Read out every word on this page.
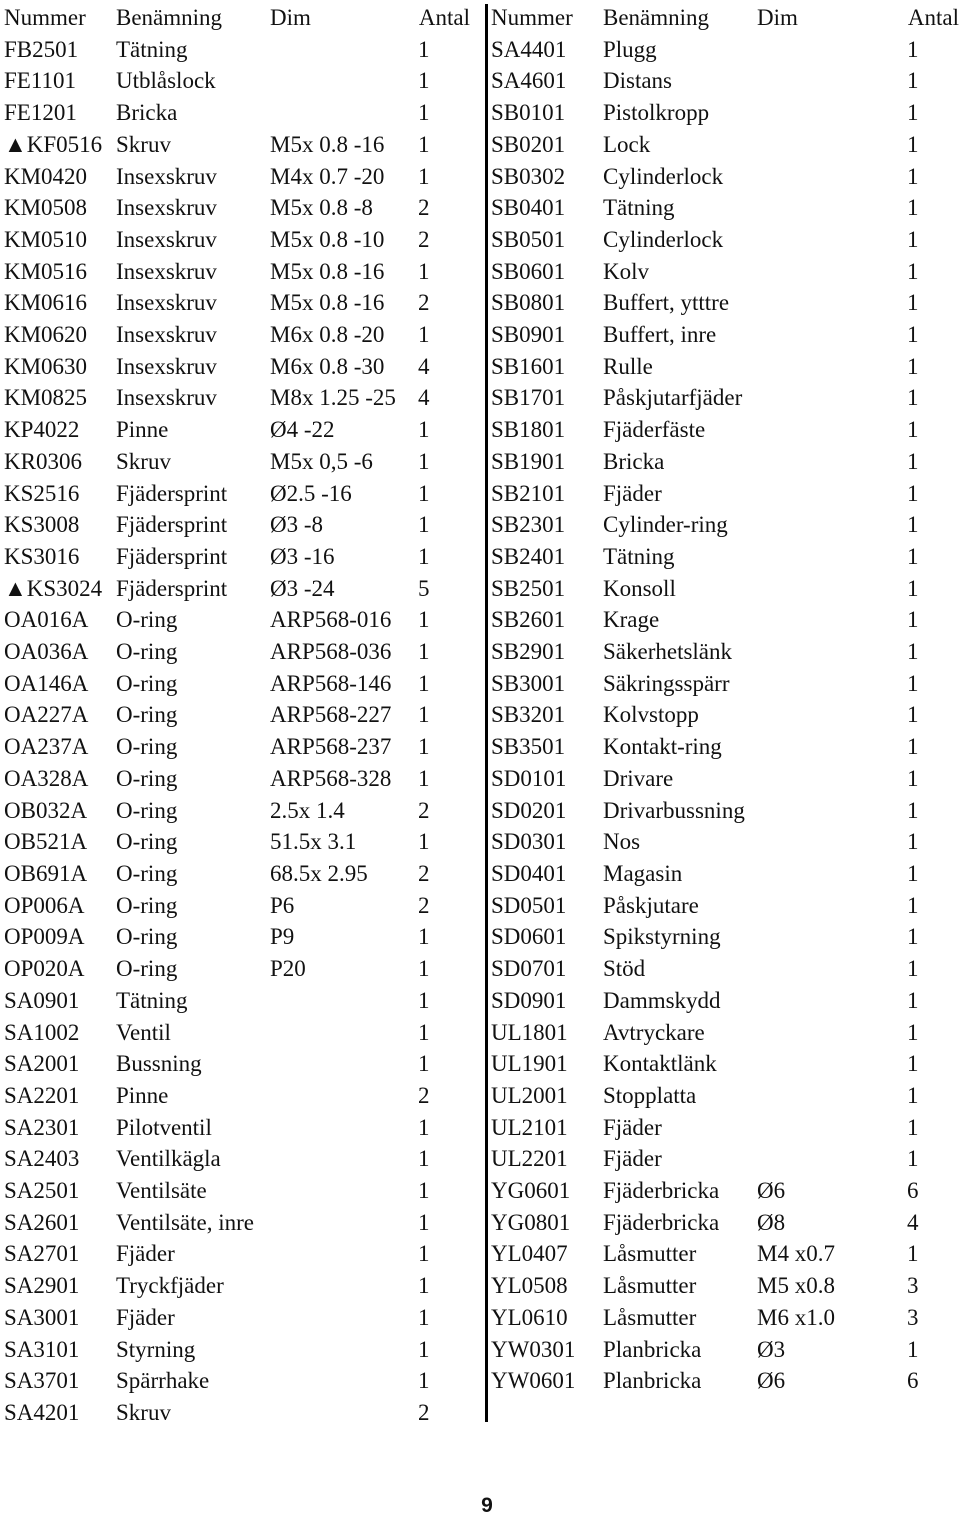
Nummer	Benämning	Dim	Antal
FB2501	Tätning		1
FE1101	Utblåslock		1
FE1201	Bricka		1
▲KF0516	Skruv	M5x 0.8 -16	1
KM0420	Insexskruv	M4x 0.7 -20	1
KM0508	Insexskruv	M5x 0.8 -8	2
KM0510	Insexskruv	M5x 0.8 -10	2
KM0516	Insexskruv	M5x 0.8 -16	1
KM0616	Insexskruv	M5x 0.8 -16	2
KM0620	Insexskruv	M6x 0.8 -20	1
KM0630	Insexskruv	M6x 0.8 -30	4
KM0825	Insexskruv	M8x 1.25 -25	4
KP4022	Pinne	Ø4 -22	1
KR0306	Skruv	M5x 0,5 -6	1
KS2516	Fjädersprint	Ø2.5 -16	1
KS3008	Fjädersprint	Ø3 -8	1
KS3016	Fjädersprint	Ø3 -16	1
▲KS3024	Fjädersprint	Ø3 -24	5
OA016A	O-ring	ARP568-016	1
OA036A	O-ring	ARP568-036	1
OA146A	O-ring	ARP568-146	1
OA227A	O-ring	ARP568-227	1
OA237A	O-ring	ARP568-237	1
OA328A	O-ring	ARP568-328	1
OB032A	O-ring	2.5x 1.4	2
OB521A	O-ring	51.5x 3.1	1
OB691A	O-ring	68.5x 2.95	2
OP006A	O-ring	P6	2
OP009A	O-ring	P9	1
OP020A	O-ring	P20	1
SA0901	Tätning		1
SA1002	Ventil		1
SA2001	Bussning		1
SA2201	Pinne		2
SA2301	Pilotventil		1
SA2403	Ventilkägla		1
SA2501	Ventilsäte		1
SA2601	Ventilsäte, inre		1
SA2701	Fjäder		1
SA2901	Tryckfjäder		1
SA3001	Fjäder		1
SA3101	Styrning		1
SA3701	Spärrhake		1
SA4201	Skruv		2
Nummer	Benämning	Dim	Antal
SA4401	Plugg		1
SA4601	Distans		1
SB0101	Pistolkropp		1
SB0201	Lock		1
SB0302	Cylinderlock		1
SB0401	Tätning		1
SB0501	Cylinderlock		1
SB0601	Kolv		1
SB0801	Buffert, ytttre		1
SB0901	Buffert, inre		1
SB1601	Rulle		1
SB1701	Påskjutarfjäder		1
SB1801	Fjäderfäste		1
SB1901	Bricka		1
SB2101	Fjäder		1
SB2301	Cylinder-ring		1
SB2401	Tätning		1
SB2501	Konsoll		1
SB2601	Krage		1
SB2901	Säkerhetslänk		1
SB3001	Säkringsspärr		1
SB3201	Kolvstopp		1
SB3501	Kontakt-ring		1
SD0101	Drivare		1
SD0201	Drivarbussning		1
SD0301	Nos		1
SD0401	Magasin		1
SD0501	Påskjutare		1
SD0601	Spikstyrning		1
SD0701	Stöd		1
SD0901	Dammskydd		1
UL1801	Avtryckare		1
UL1901	Kontaktlänk		1
UL2001	Stopplatta		1
UL2101	Fjäder		1
UL2201	Fjäder		1
YG0601	Fjäderbricka	Ø6	6
YG0801	Fjäderbricka	Ø8	4
YL0407	Låsmutter	M4 x0.7	1
YL0508	Låsmutter	M5 x0.8	3
YL0610	Låsmutter	M6 x1.0	3
YW0301	Planbricka	Ø3	1
YW0601	Planbricka	Ø6	6
9
